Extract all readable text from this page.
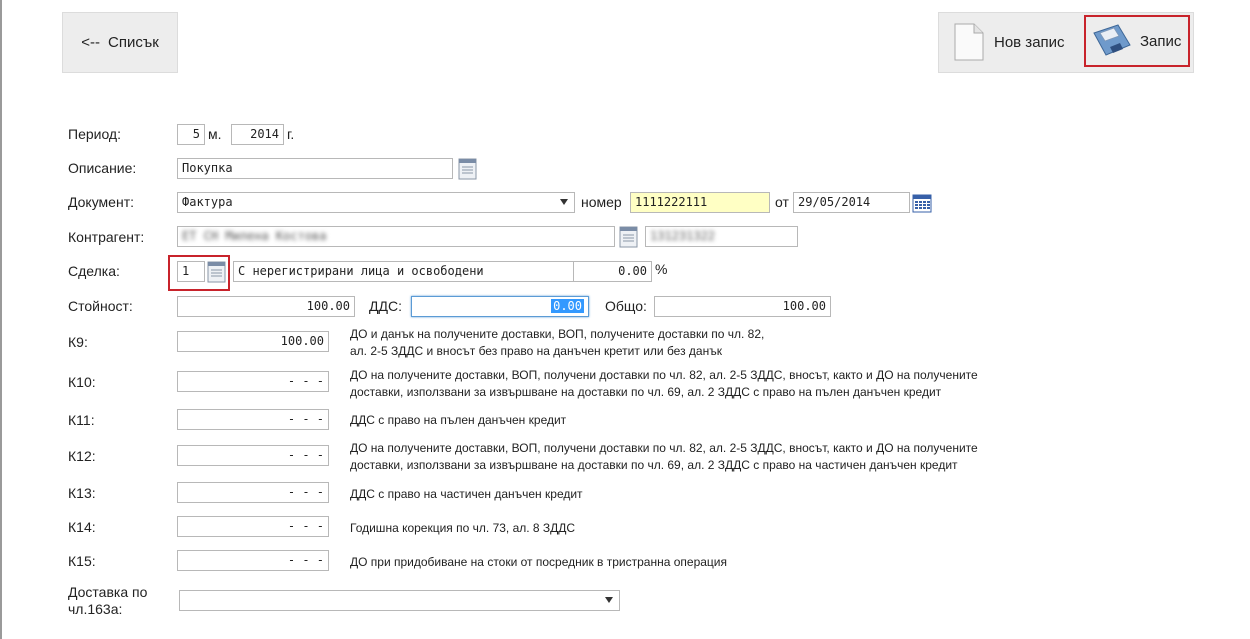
<-- Списък	Нов запис	Запис
Период:	5 м.	2014 г.
Описание:	Покупка
Документ:	Фактура	номер	1111222111	от 29/05/2014
Контрагент:	ЕТ СН Милена Костова	131231322
Сделка:	1	С нерегистрирани лица и освободени	0.00 %
Стойност:	100.00	ДДС:	0.00	Общо:	100.00
К9:	100.00	ДО и данък на получените доставки, ВОП, получените доставки по чл. 82,
ал. 2-5 ЗДДС и вносът без право на данъчен кретит или без данък
К10:	- - -	ДО на получените доставки, ВОП, получени доставки по чл. 82, ал. 2-5 ЗДДС, вносът, както и ДО на получените
доставки, използвани за извършване на доставки по чл. 69, ал. 2 ЗДДС с право на пълен данъчен кредит
К11:	- - -	ДДС с право на пълен данъчен кредит
К12:	- - -	ДО на получените доставки, ВОП, получени доставки по чл. 82, ал. 2-5 ЗДДС, вносът, както и ДО на получените
доставки, използвани за извършване на доставки по чл. 69, ал. 2 ЗДДС с право на частичен данъчен кредит
К13:	- - -	ДДС с право на частичен данъчен кредит
К14:	- - -	Годишна корекция по чл. 73, ал. 8 ЗДДС
К15:	- - -	ДО при придобиване на стоки от посредник в тристранна операция
Доставка по
чл.163а:
